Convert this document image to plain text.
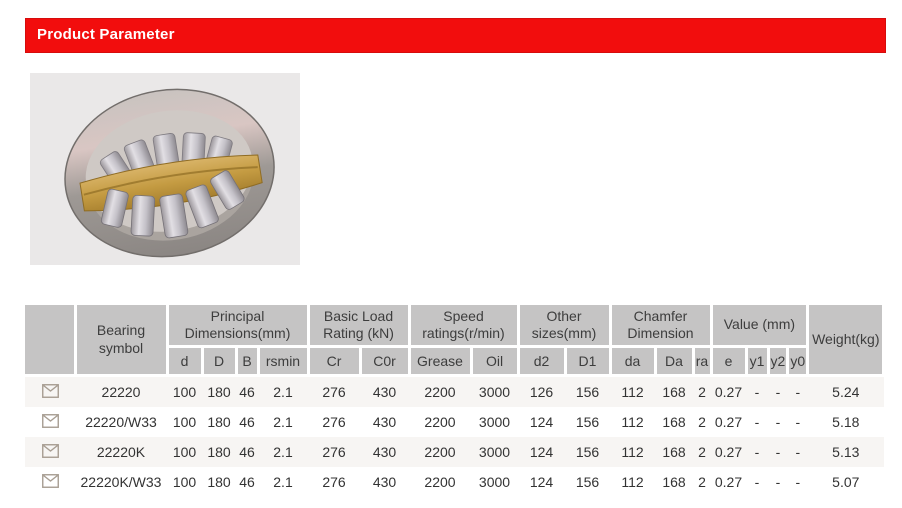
Product Parameter
	Bearing symbol	Principal Dimensions(mm)				Basic Load Rating (kN)		Speed ratings(r/min)		Other sizes(mm)		Chamfer Dimension			Value (mm)				Weight(kg)
		d	D	B	rsmin	Cr	C0r	Grease	Oil	d2	D1	da	Da	ra	e	y1	y2	y0	
	22220	100	180	46	2.1	276	430	2200	3000	126	156	112	168	2	0.27	-	-	-	5.24
	22220/W33	100	180	46	2.1	276	430	2200	3000	124	156	112	168	2	0.27	-	-	-	5.18
	22220K	100	180	46	2.1	276	430	2200	3000	124	156	112	168	2	0.27	-	-	-	5.13
	22220K/W33	100	180	46	2.1	276	430	2200	3000	124	156	112	168	2	0.27	-	-	-	5.07
